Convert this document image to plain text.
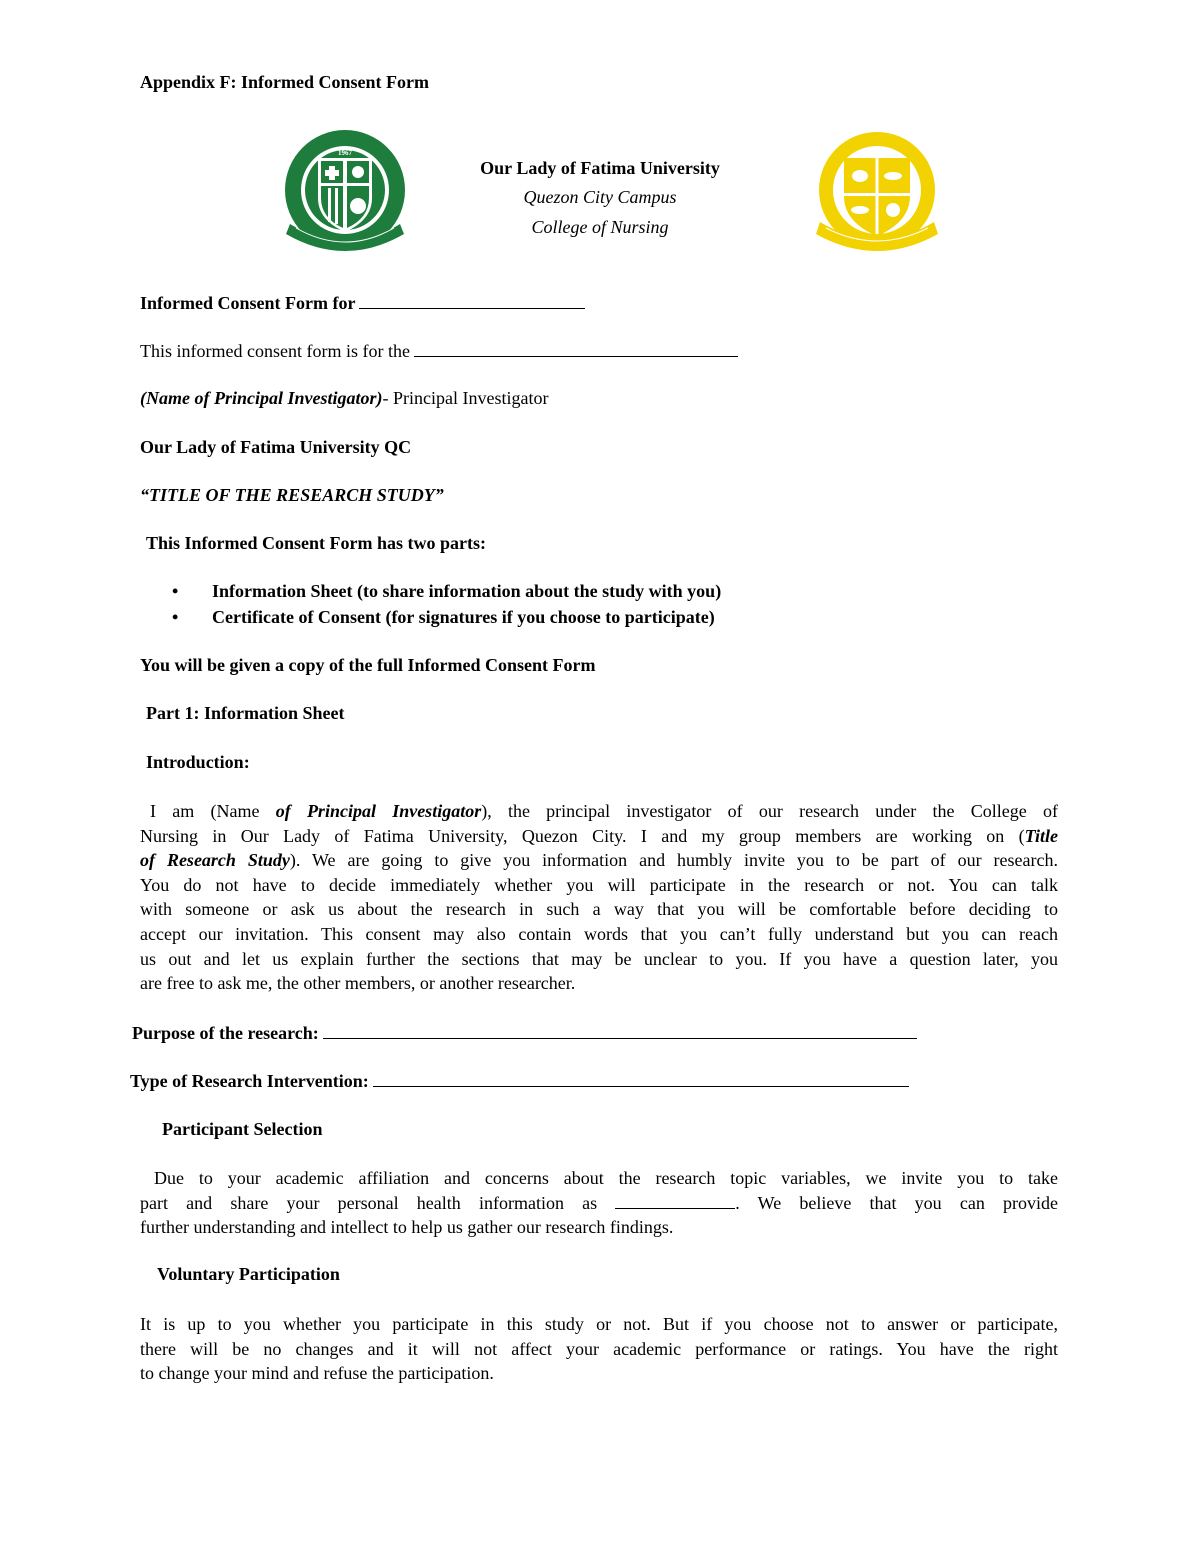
Appendix F: Informed Consent Form
1967
Our Lady of Fatima University
Quezon City Campus
College of Nursing
Informed Consent Form for
This informed consent form is for the
(Name of Principal Investigator)- Principal Investigator
Our Lady of Fatima University QC
“TITLE OF THE RESEARCH STUDY”
This Informed Consent Form has two parts:
• Information Sheet (to share information about the study with you)
• Certificate of Consent (for signatures if you choose to participate)
You will be given a copy of the full Informed Consent Form
Part 1: Information Sheet
Introduction:
I am (Name of Principal Investigator), the principal investigator of our research under the College of
Nursing in Our Lady of Fatima University, Quezon City. I and my group members are working on (Title
of Research Study). We are going to give you information and humbly invite you to be part of our research.
You do not have to decide immediately whether you will participate in the research or not. You can talk
with someone or ask us about the research in such a way that you will be comfortable before deciding to
accept our invitation. This consent may also contain words that you can’t fully understand but you can reach
us out and let us explain further the sections that may be unclear to you. If you have a question later, you
are free to ask me, the other members, or another researcher.
Purpose of the research:
Type of Research Intervention:
Participant Selection
Due to your academic affiliation and concerns about the research topic variables, we invite you to take
part and share your personal health information as	. We believe that you can provide
further understanding and intellect to help us gather our research findings.
Voluntary Participation
It is up to you whether you participate in this study or not. But if you choose not to answer or participate,
there will be no changes and it will not affect your academic performance or ratings. You have the right
to change your mind and refuse the participation.
